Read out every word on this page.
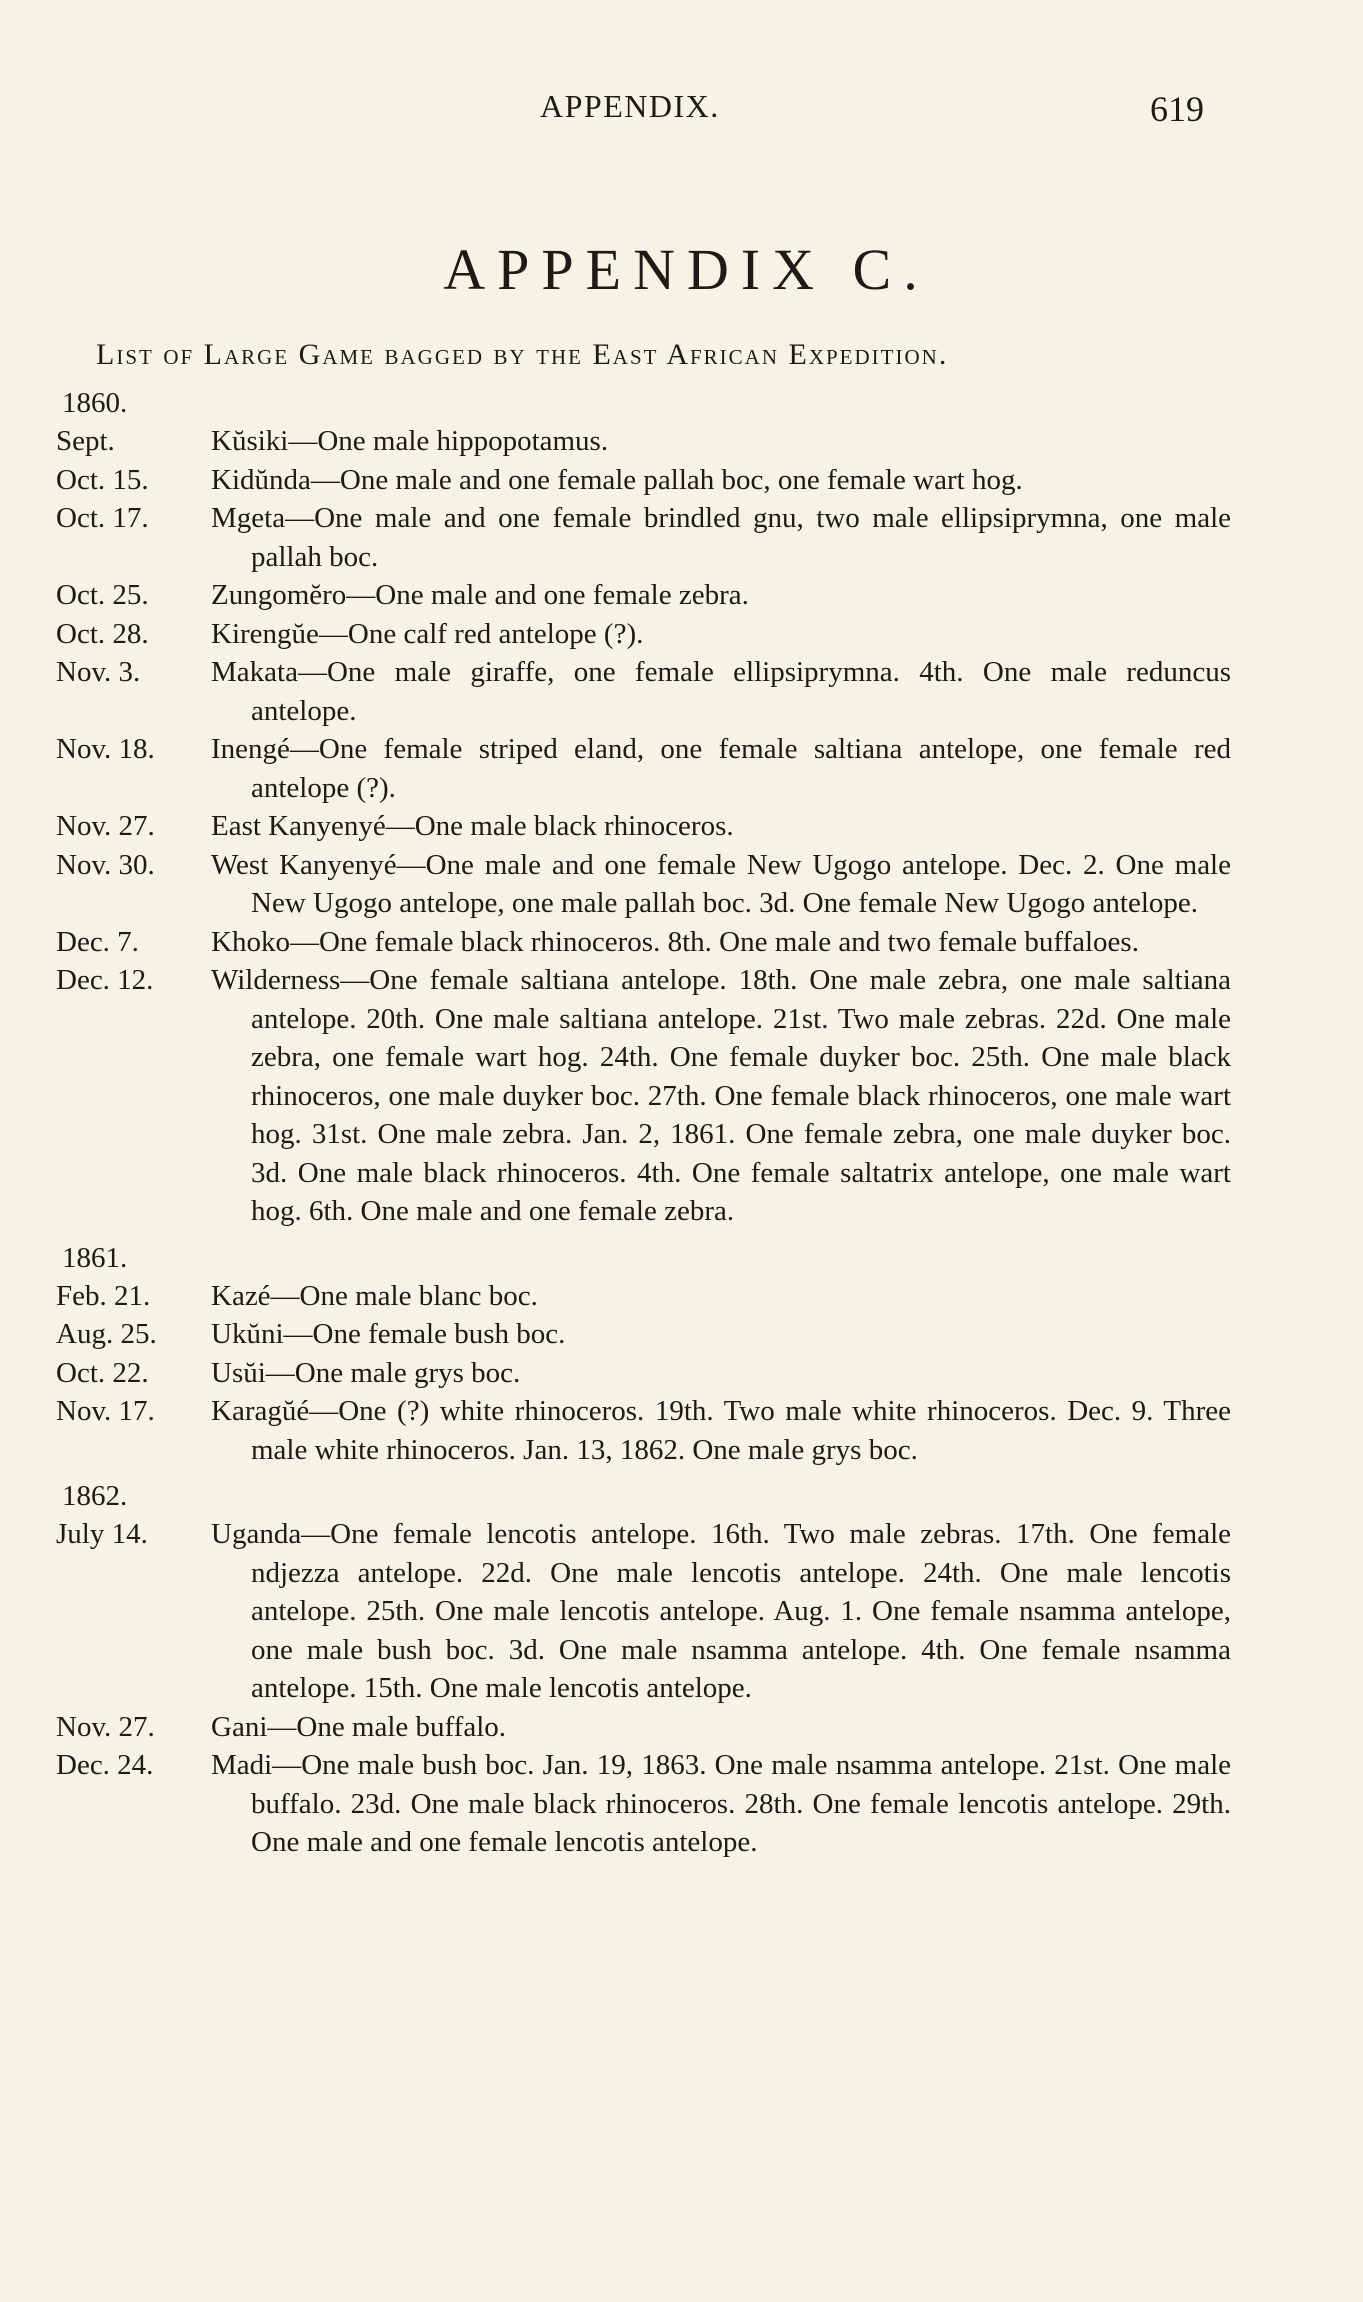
APPENDIX.	619
APPENDIX C.
List of Large Game bagged by the East African Expedition.
1860.
Sept.	Kŭsiki—One male hippopotamus.
Oct. 15.	Kidŭnda—One male and one female pallah boc, one female wart hog.
Oct. 17.	Mgeta—One male and one female brindled gnu, two male ellipsiprymna, one male pallah boc.
Oct. 25.	Zungomĕro—One male and one female zebra.
Oct. 28.	Kirengŭe—One calf red antelope (?).
Nov. 3.	Makata—One male giraffe, one female ellipsiprymna. 4th. One male reduncus antelope.
Nov. 18.	Inengé—One female striped eland, one female saltiana antelope, one female red antelope (?).
Nov. 27.	East Kanyenyé—One male black rhinoceros.
Nov. 30.	West Kanyenyé—One male and one female New Ugogo antelope. Dec. 2. One male New Ugogo antelope, one male pallah boc. 3d. One female New Ugogo antelope.
Dec. 7.	Khoko—One female black rhinoceros. 8th. One male and two female buffaloes.
Dec. 12.	Wilderness—One female saltiana antelope. 18th. One male zebra, one male saltiana antelope. 20th. One male saltiana antelope. 21st. Two male zebras. 22d. One male zebra, one female wart hog. 24th. One female duyker boc. 25th. One male black rhinoceros, one male duyker boc. 27th. One female black rhinoceros, one male wart hog. 31st. One male zebra. Jan. 2, 1861. One female zebra, one male duyker boc. 3d. One male black rhinoceros. 4th. One female saltatrix antelope, one male wart hog. 6th. One male and one female zebra.
1861.
Feb. 21.	Kazé—One male blanc boc.
Aug. 25.	Ukŭni—One female bush boc.
Oct. 22.	Usŭi—One male grys boc.
Nov. 17.	Karagŭé—One (?) white rhinoceros. 19th. Two male white rhinoceros. Dec. 9. Three male white rhinoceros. Jan. 13, 1862. One male grys boc.
1862.
July 14.	Uganda—One female lencotis antelope. 16th. Two male zebras. 17th. One female ndjezza antelope. 22d. One male lencotis antelope. 24th. One male lencotis antelope. 25th. One male lencotis antelope. Aug. 1. One female nsamma antelope, one male bush boc. 3d. One male nsamma antelope. 4th. One female nsamma antelope. 15th. One male lencotis antelope.
Nov. 27.	Gani—One male buffalo.
Dec. 24.	Madi—One male bush boc. Jan. 19, 1863. One male nsamma antelope. 21st. One male buffalo. 23d. One male black rhinoceros. 28th. One female lencotis antelope. 29th. One male and one female lencotis antelope.
